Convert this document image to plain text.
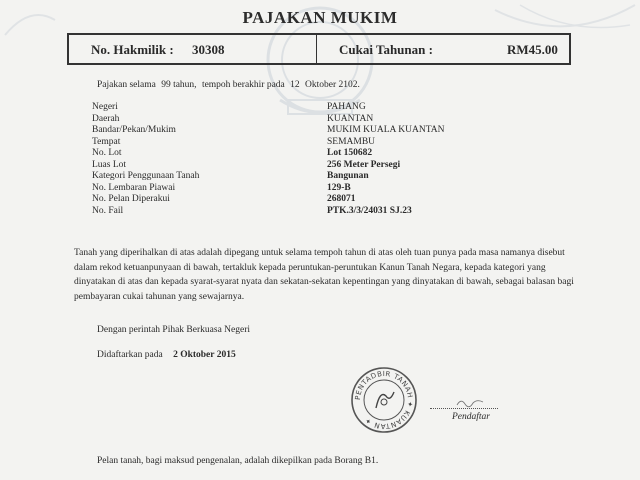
PAJAKAN MUKIM
No. Hakmilik : 30308	Cukai Tahunan :	RM45.00
Pajakan selama 99 tahun, tempoh berakhir pada 12 Oktober 2102.
Negeri	PAHANG
Daerah	KUANTAN
Bandar/Pekan/Mukim	MUKIM KUALA KUANTAN
Tempat	SEMAMBU
No. Lot	Lot 150682
Luas Lot	256 Meter Persegi
Kategori Penggunaan Tanah	Bangunan
No. Lembaran Piawai	129-B
No. Pelan Diperakui	268071
No. Fail	PTK.3/3/24031 SJ.23
Tanah yang diperihalkan di atas adalah dipegang untuk selama tempoh tahun di atas oleh tuan punya pada masa namanya disebut dalam rekod ketuanpunyaan di bawah, tertakluk kepada peruntukan-peruntukan Kanun Tanah Negara, kepada kategori yang dinyatakan di atas dan kepada syarat-syarat nyata dan sekatan-sekatan kepentingan yang dinyatakan di bawah, sebagai balasan bagi pembayaran cukai tahunan yang sewajarnya.
Dengan perintah Pihak Berkuasa Negeri
Didaftarkan pada 2 Oktober 2015
PENTADBIR TANAH ✦ KUANTAN ✦	Pendaftar
Pelan tanah, bagi maksud pengenalan, adalah dikepilkan pada Borang B1.
